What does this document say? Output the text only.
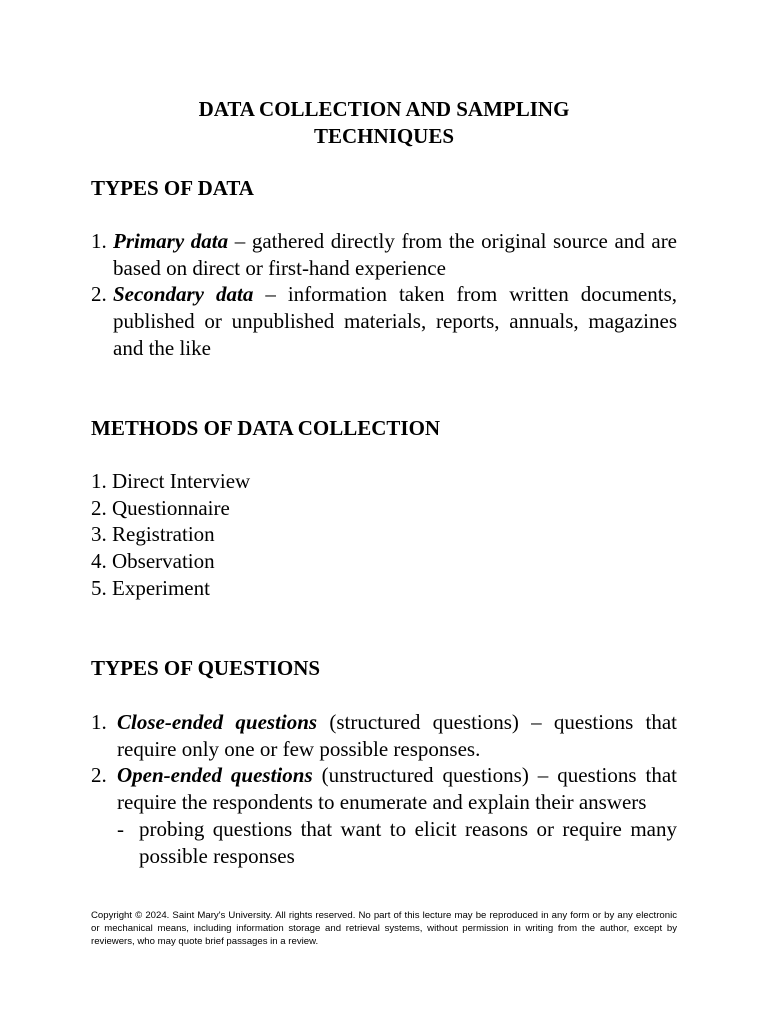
DATA COLLECTION AND SAMPLING
TECHNIQUES
TYPES OF DATA
1. Primary data – gathered directly from the original source and are based on direct or first-hand experience
2. Secondary data – information taken from written documents, published or unpublished materials, reports, annuals, magazines and the like
METHODS OF DATA COLLECTION
1. Direct Interview
2. Questionnaire
3. Registration
4. Observation
5. Experiment
TYPES OF QUESTIONS
1. Close-ended questions (structured questions) – questions that require only one or few possible responses.
2. Open-ended questions (unstructured questions) – questions that require the respondents to enumerate and explain their answers
- probing questions that want to elicit reasons or require many possible responses
Copyright © 2024. Saint Mary's University. All rights reserved. No part of this lecture may be reproduced in any form or by any electronic or mechanical means, including information storage and retrieval systems, without permission in writing from the author, except by reviewers, who may quote brief passages in a review.
